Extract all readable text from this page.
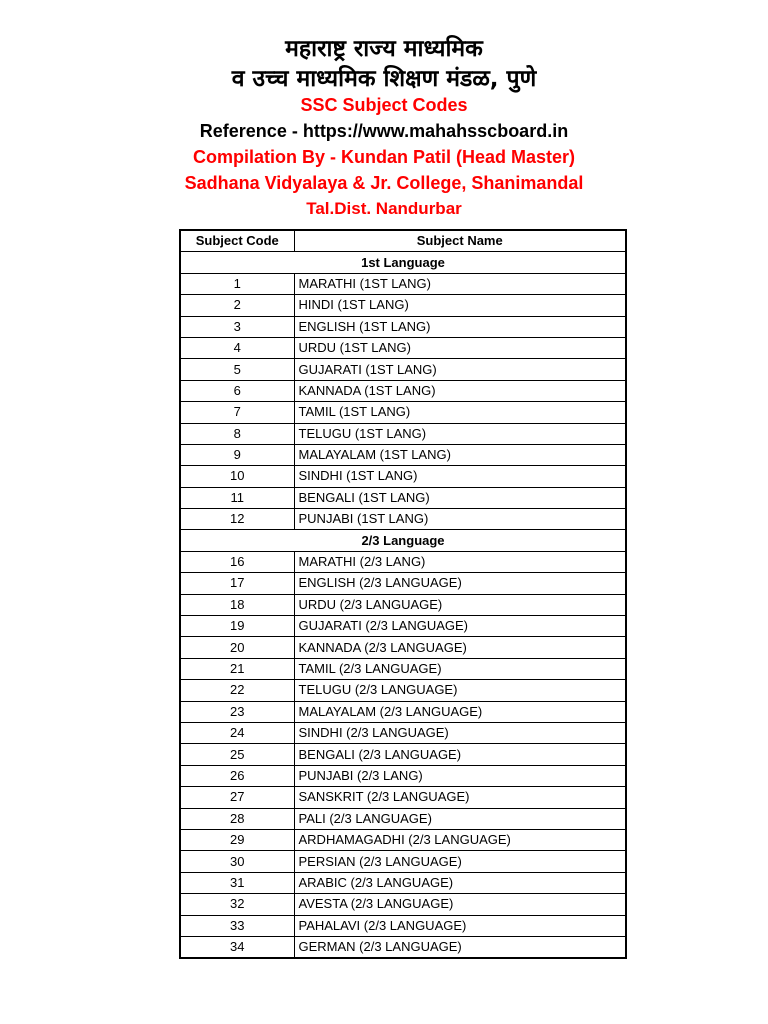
महाराष्ट्र राज्य माध्यमिक
व उच्च माध्यमिक शिक्षण मंडळ, पुणे
SSC Subject Codes
Reference - https://www.mahahsscboard.in
Compilation By - Kundan Patil (Head Master)
Sadhana Vidyalaya & Jr. College, Shanimandal
Tal.Dist. Nandurbar
Subject Code	Subject Name
1st Language	
1	MARATHI (1ST LANG)
2	HINDI (1ST LANG)
3	ENGLISH (1ST LANG)
4	URDU (1ST LANG)
5	GUJARATI (1ST LANG)
6	KANNADA (1ST LANG)
7	TAMIL (1ST LANG)
8	TELUGU (1ST LANG)
9	MALAYALAM (1ST LANG)
10	SINDHI (1ST LANG)
11	BENGALI (1ST LANG)
12	PUNJABI (1ST LANG)
2/3 Language	
16	MARATHI (2/3 LANG)
17	ENGLISH (2/3 LANGUAGE)
18	URDU (2/3 LANGUAGE)
19	GUJARATI (2/3 LANGUAGE)
20	KANNADA (2/3 LANGUAGE)
21	TAMIL (2/3 LANGUAGE)
22	TELUGU (2/3 LANGUAGE)
23	MALAYALAM (2/3 LANGUAGE)
24	SINDHI (2/3 LANGUAGE)
25	BENGALI (2/3 LANGUAGE)
26	PUNJABI (2/3 LANG)
27	SANSKRIT (2/3 LANGUAGE)
28	PALI (2/3 LANGUAGE)
29	ARDHAMAGADHI (2/3 LANGUAGE)
30	PERSIAN (2/3 LANGUAGE)
31	ARABIC (2/3 LANGUAGE)
32	AVESTA (2/3 LANGUAGE)
33	PAHALAVI (2/3 LANGUAGE)
34	GERMAN (2/3 LANGUAGE)
